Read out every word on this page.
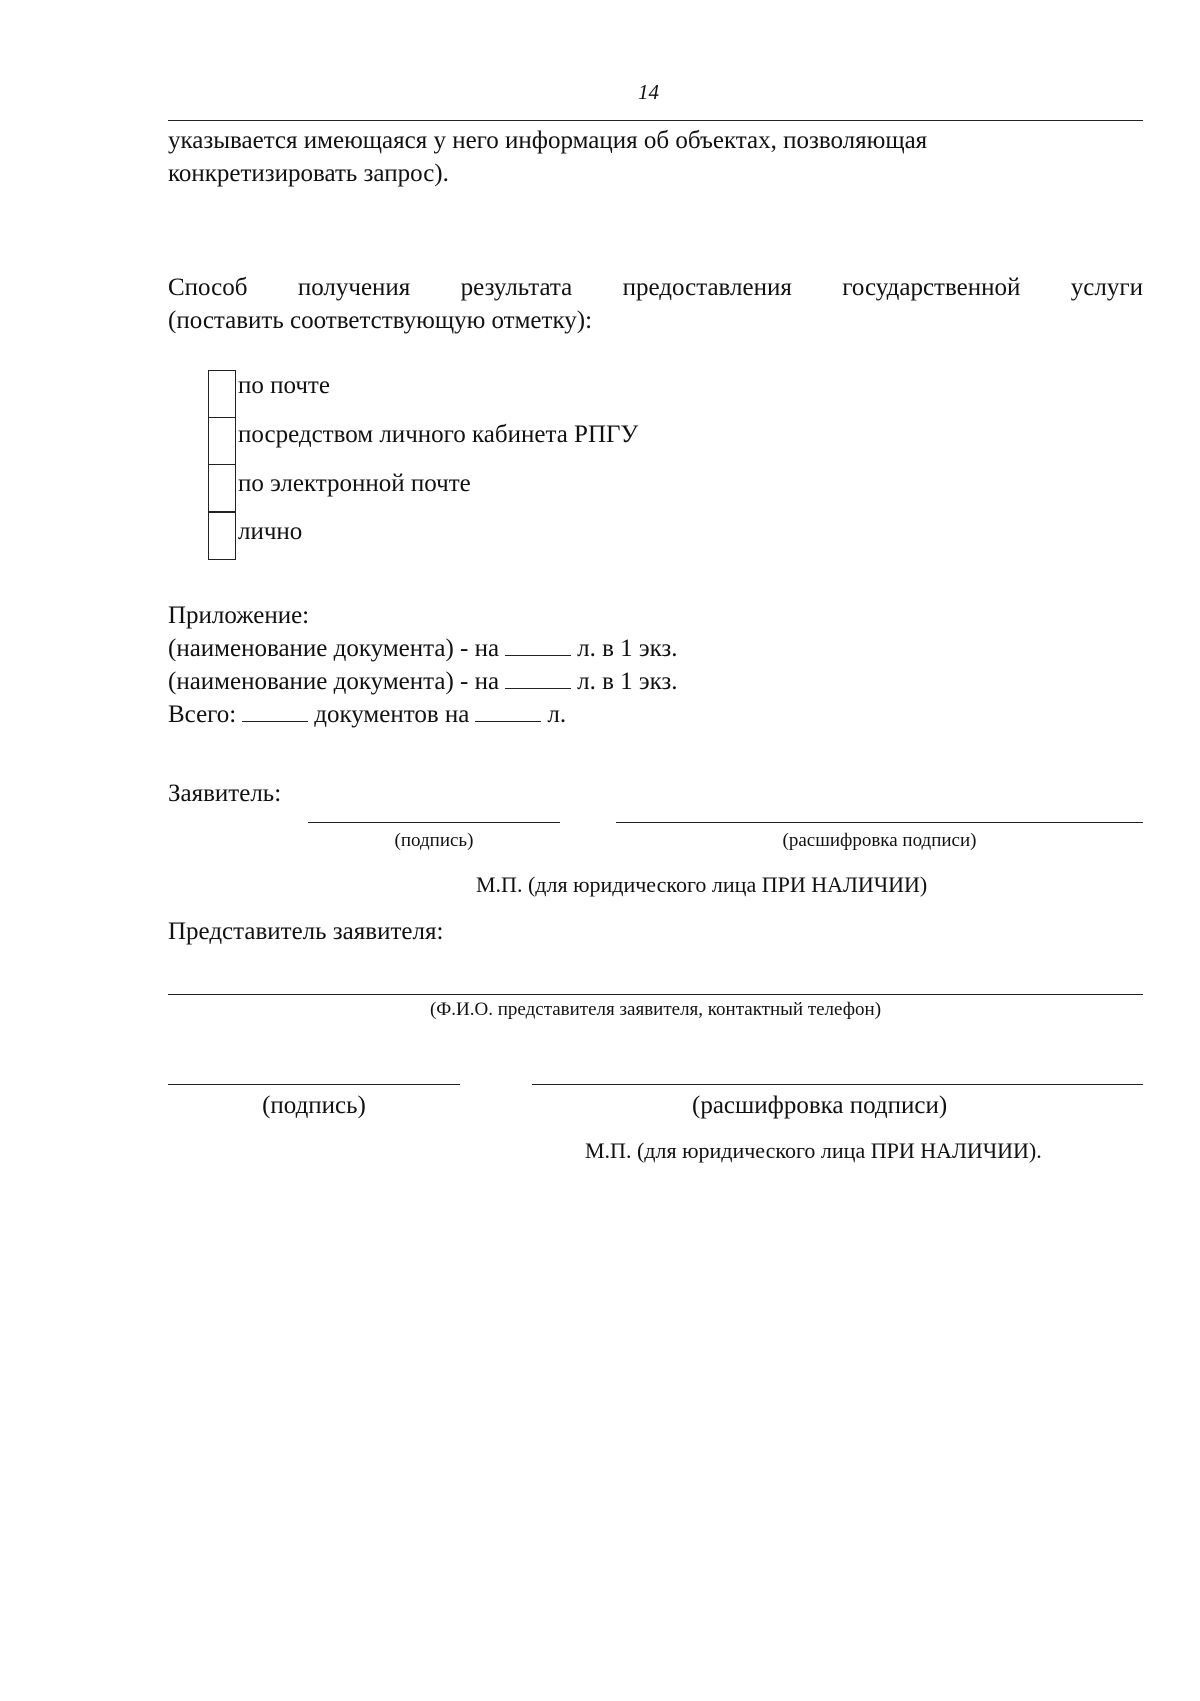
14
указывается имеющаяся у него информация об объектах, позволяющая
конкретизировать запрос).
Способ получения результата предоставления государственной услуги
(поставить соответствующую отметку):
по почте
посредством личного кабинета РПГУ
по электронной почте
лично
Приложение:
(наименование документа) - на	л. в 1 экз.
(наименование документа) - на	л. в 1 экз.
Всего:	документов на	л.
Заявитель:
(подпись)	(расшифровка подписи)
М.П. (для юридического лица ПРИ НАЛИЧИИ)
Представитель заявителя:
(Ф.И.О. представителя заявителя, контактный телефон)
(подпись)	(расшифровка подписи)
М.П. (для юридического лица ПРИ НАЛИЧИИ).
